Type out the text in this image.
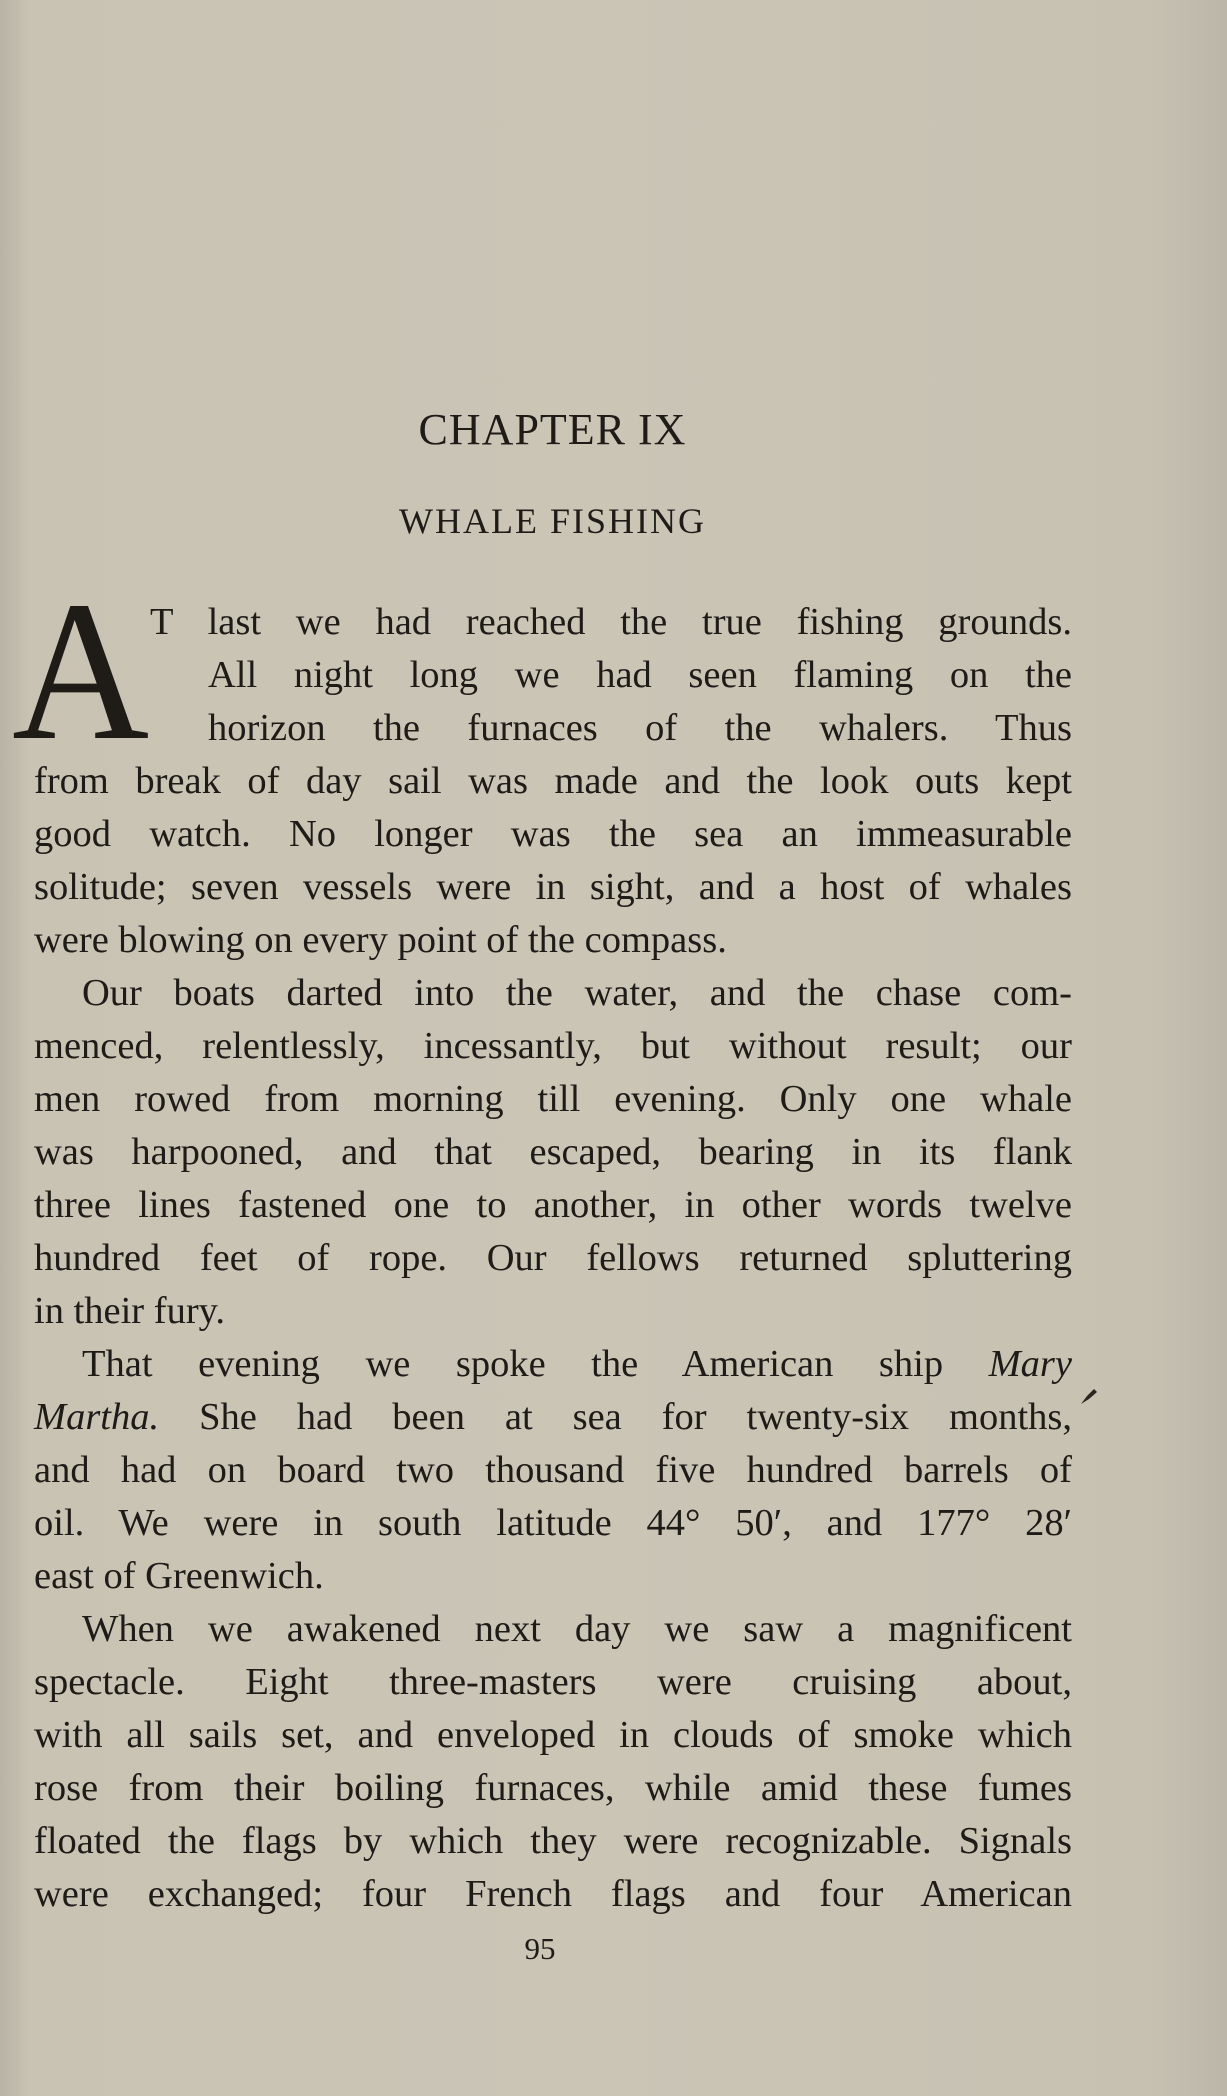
CHAPTER IX
WHALE FISHING
A T last we had reached the true fishing grounds.
All night long we had seen flaming on the
horizon the furnaces of the whalers. Thus
from break of day sail was made and the look outs kept
good watch. No longer was the sea an immeasurable
solitude; seven vessels were in sight, and a host of whales
were blowing on every point of the compass.
Our boats darted into the water, and the chase com-
menced, relentlessly, incessantly, but without result; our
men rowed from morning till evening. Only one whale
was harpooned, and that escaped, bearing in its flank
three lines fastened one to another, in other words twelve
hundred feet of rope. Our fellows returned spluttering
in their fury.
That evening we spoke the American ship Mary
Martha. She had been at sea for twenty-six months,
and had on board two thousand five hundred barrels of
oil. We were in south latitude 44° 50′, and 177° 28′
east of Greenwich.
When we awakened next day we saw a magnificent
spectacle. Eight three-masters were cruising about,
with all sails set, and enveloped in clouds of smoke which
rose from their boiling furnaces, while amid these fumes
floated the flags by which they were recognizable. Signals
were exchanged; four French flags and four American
95
